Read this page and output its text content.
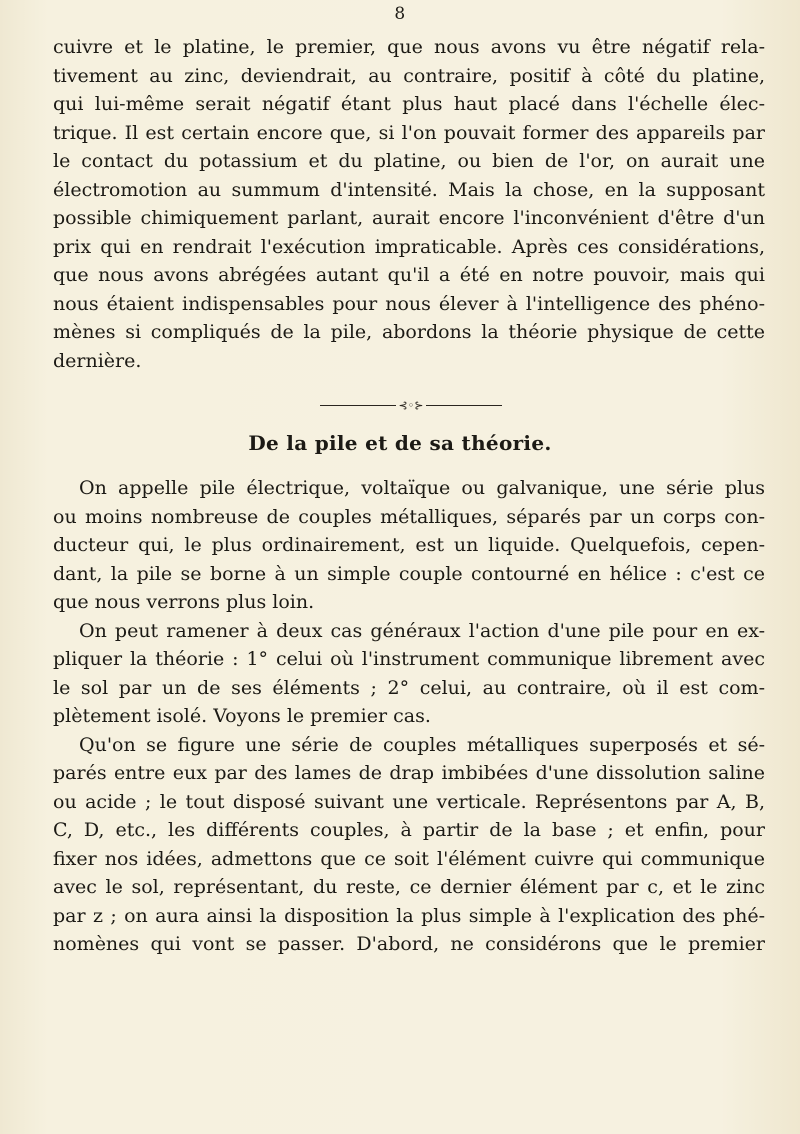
8
cuivre et le platine, le premier, que nous avons vu être négatif rela-
tivement au zinc, deviendrait, au contraire, positif à côté du platine,
qui lui-même serait négatif étant plus haut placé dans l'échelle élec-
trique. Il est certain encore que, si l'on pouvait former des appareils par
le contact du potassium et du platine, ou bien de l'or, on aurait une
électromotion au summum d'intensité. Mais la chose, en la supposant
possible chimiquement parlant, aurait encore l'inconvénient d'être d'un
prix qui en rendrait l'exécution impraticable. Après ces considérations,
que nous avons abrégées autant qu'il a été en notre pouvoir, mais qui
nous étaient indispensables pour nous élever à l'intelligence des phéno-
mènes si compliqués de la pile, abordons la théorie physique de cette
dernière.
⊰◦⊱
De la pile et de sa théorie.
On appelle pile électrique, voltaïque ou galvanique, une série plus
ou moins nombreuse de couples métalliques, séparés par un corps con-
ducteur qui, le plus ordinairement, est un liquide. Quelquefois, cepen-
dant, la pile se borne à un simple couple contourné en hélice : c'est ce
que nous verrons plus loin.
On peut ramener à deux cas généraux l'action d'une pile pour en ex-
pliquer la théorie : 1° celui où l'instrument communique librement avec
le sol par un de ses éléments ; 2° celui, au contraire, où il est com-
plètement isolé. Voyons le premier cas.
Qu'on se figure une série de couples métalliques superposés et sé-
parés entre eux par des lames de drap imbibées d'une dissolution saline
ou acide ; le tout disposé suivant une verticale. Représentons par A, B,
C, D, etc., les différents couples, à partir de la base ; et enfin, pour
fixer nos idées, admettons que ce soit l'élément cuivre qui communique
avec le sol, représentant, du reste, ce dernier élément par c, et le zinc
par z ; on aura ainsi la disposition la plus simple à l'explication des phé-
nomènes qui vont se passer. D'abord, ne considérons que le premier
